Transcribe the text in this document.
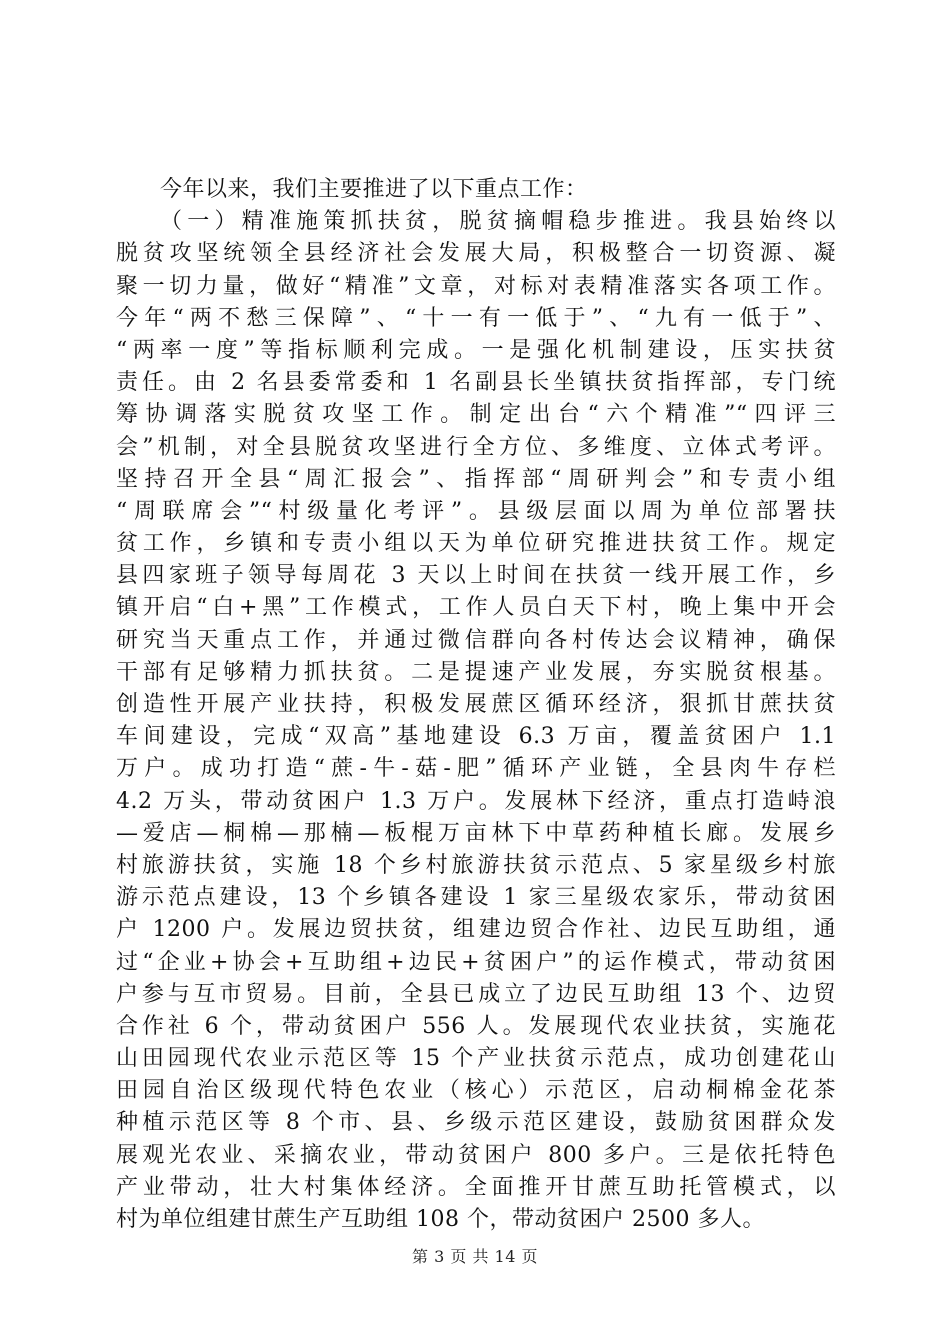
今年以来，我们主要推进了以下重点工作：
（一）精准施策抓扶贫，脱贫摘帽稳步推进。我县始终以
脱贫攻坚统领全县经济社会发展大局，积极整合一切资源、凝
聚一切力量，做好“精准”文章，对标对表精准落实各项工作。
今年“两不愁三保障”、“十一有一低于”、“九有一低于”、
“两率一度”等指标顺利完成。一是强化机制建设，压实扶贫
责任。由 2 名县委常委和 1 名副县长坐镇扶贫指挥部，专门统
筹协调落实脱贫攻坚工作。制定出台“六个精准”“四评三
会”机制，对全县脱贫攻坚进行全方位、多维度、立体式考评。
坚持召开全县“周汇报会”、指挥部“周研判会”和专责小组
“周联席会”“村级量化考评”。县级层面以周为单位部署扶
贫工作，乡镇和专责小组以天为单位研究推进扶贫工作。规定
县四家班子领导每周花 3 天以上时间在扶贫一线开展工作，乡
镇开启“白+黑”工作模式，工作人员白天下村，晚上集中开会
研究当天重点工作，并通过微信群向各村传达会议精神，确保
干部有足够精力抓扶贫。二是提速产业发展，夯实脱贫根基。
创造性开展产业扶持，积极发展蔗区循环经济，狠抓甘蔗扶贫
车间建设，完成“双高”基地建设 6.3 万亩，覆盖贫困户 1.1
万户。成功打造“蔗-牛-菇-肥”循环产业链，全县肉牛存栏
4.2 万头，带动贫困户 1.3 万户。发展林下经济，重点打造峙浪
—爱店—桐棉—那楠—板棍万亩林下中草药种植长廊。发展乡
村旅游扶贫，实施 18 个乡村旅游扶贫示范点、5 家星级乡村旅
游示范点建设，13 个乡镇各建设 1 家三星级农家乐，带动贫困
户 1200 户。发展边贸扶贫，组建边贸合作社、边民互助组，通
过“企业+协会+互助组+边民+贫困户”的运作模式，带动贫困
户参与互市贸易。目前，全县已成立了边民互助组 13 个、边贸
合作社 6 个，带动贫困户 556 人。发展现代农业扶贫，实施花
山田园现代农业示范区等 15 个产业扶贫示范点，成功创建花山
田园自治区级现代特色农业（核心）示范区，启动桐棉金花茶
种植示范区等 8 个市、县、乡级示范区建设，鼓励贫困群众发
展观光农业、采摘农业，带动贫困户 800 多户。三是依托特色
产业带动，壮大村集体经济。全面推开甘蔗互助托管模式，以
村为单位组建甘蔗生产互助组 108 个，带动贫困户 2500 多人。
第 3 页 共 14 页
